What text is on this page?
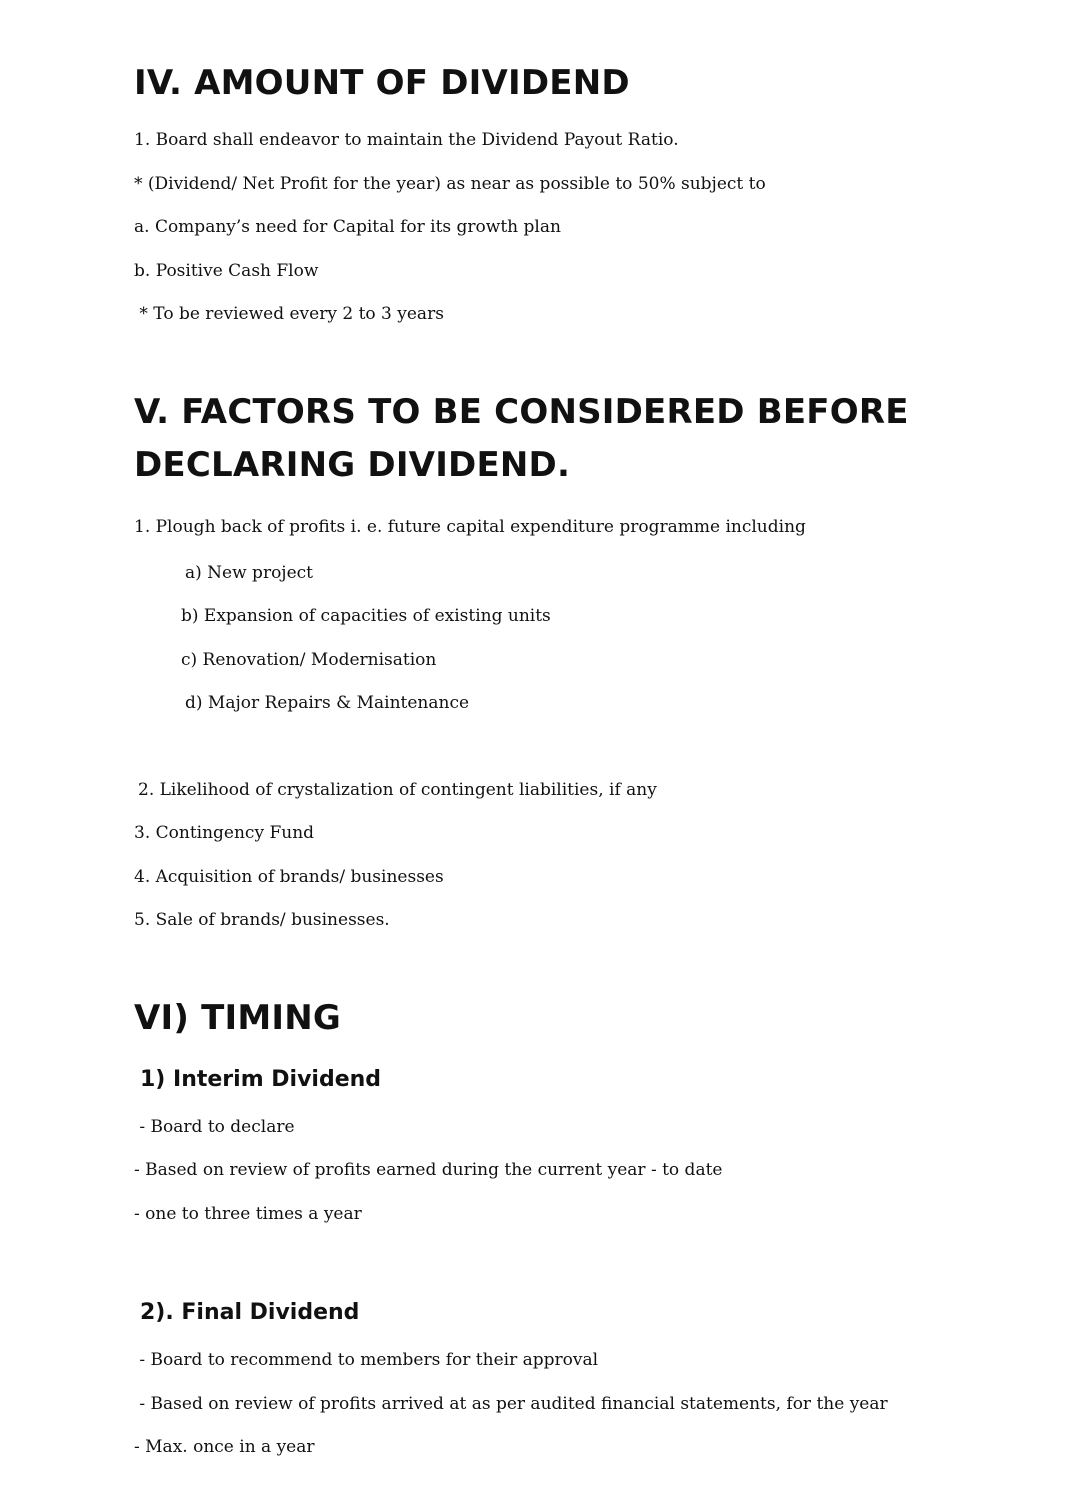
IV. AMOUNT OF DIVIDEND

1. Board shall endeavor to maintain the Dividend Payout Ratio.

* (Dividend/ Net Profit for the year) as near as possible to 50% subject to

a. Company’s need for Capital for its growth plan

b. Positive Cash Flow

* To be reviewed every 2 to 3 years

V. FACTORS TO BE CONSIDERED BEFORE
DECLARING DIVIDEND.

1. Plough back of profits i. e. future capital expenditure programme including

a) New project

b) Expansion of capacities of existing units

c) Renovation/ Modernisation

d) Major Repairs & Maintenance

2. Likelihood of crystalization of contingent liabilities, if any

3. Contingency Fund

4. Acquisition of brands/ businesses

5. Sale of brands/ businesses.

VI) TIMING
1) Interim Dividend

- Board to declare

- Based on review of profits earned during the current year - to date

- one to three times a year

2). Final Dividend

- Board to recommend to members for their approval

- Based on review of profits arrived at as per audited financial statements, for the year

- Max. once in a year
